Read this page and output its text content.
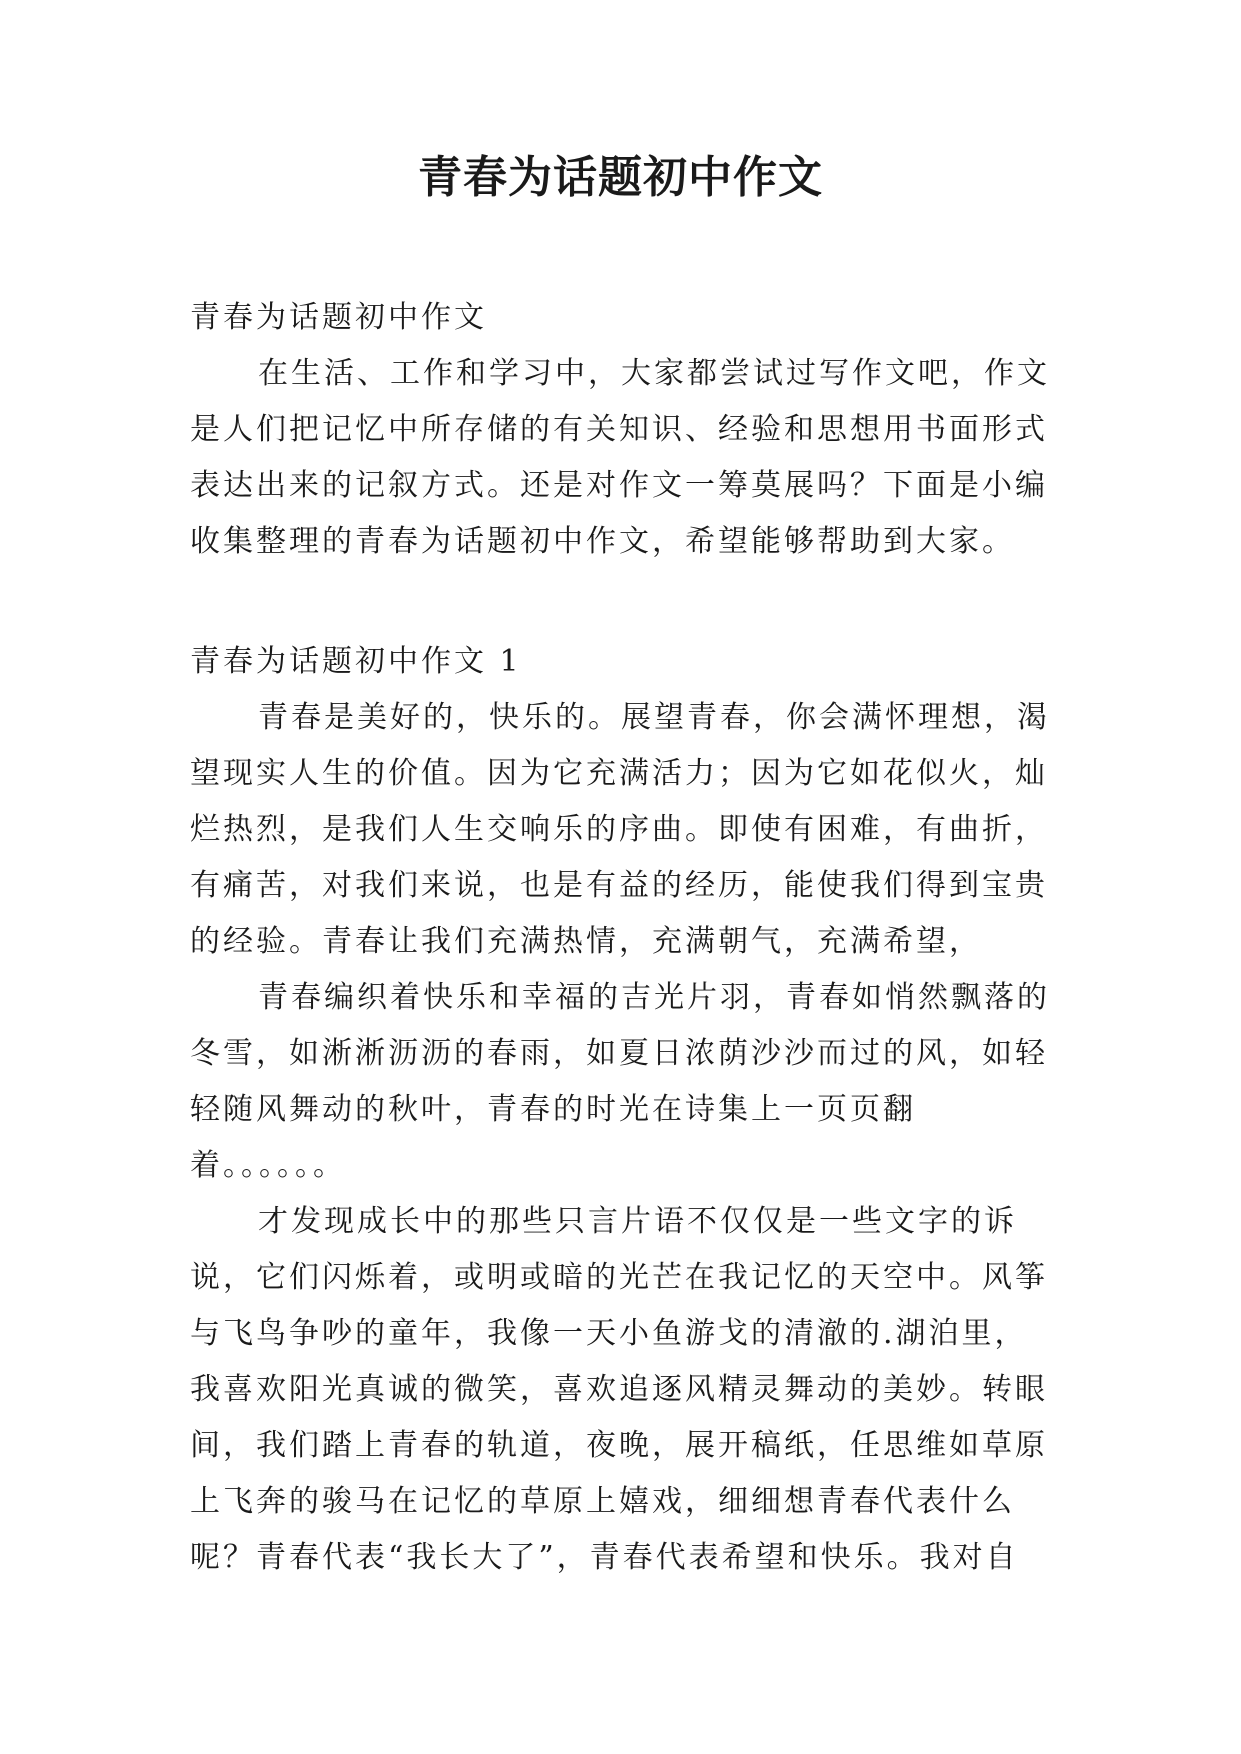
青春为话题初中作文

青春为话题初中作文

在生活、工作和学习中，大家都尝试过写作文吧，作文是人们把记忆中所存储的有关知识、经验和思想用书面形式表达出来的记叙方式。还是对作文一筹莫展吗？下面是小编收集整理的青春为话题初中作文，希望能够帮助到大家。

青春为话题初中作文 1

青春是美好的，快乐的。展望青春，你会满怀理想，渴望现实人生的价值。因为它充满活力；因为它如花似火，灿烂热烈，是我们人生交响乐的序曲。即使有困难，有曲折，有痛苦，对我们来说，也是有益的经历，能使我们得到宝贵的经验。青春让我们充满热情，充满朝气，充满希望，

青春编织着快乐和幸福的吉光片羽，青春如悄然飘落的冬雪，如淅淅沥沥的春雨，如夏日浓荫沙沙而过的风，如轻轻随风舞动的秋叶，青春的时光在诗集上一页页翻着。。。。。。

才发现成长中的那些只言片语不仅仅是一些文字的诉说，它们闪烁着，或明或暗的光芒在我记忆的天空中。风筝与飞鸟争吵的童年，我像一天小鱼游戈的清澈的.湖泊里，我喜欢阳光真诚的微笑，喜欢追逐风精灵舞动的美妙。转眼间，我们踏上青春的轨道，夜晚，展开稿纸，任思维如草原上飞奔的骏马在记忆的草原上嬉戏，细细想青春代表什么呢？青春代表“我长大了”，青春代表希望和快乐。我对自
